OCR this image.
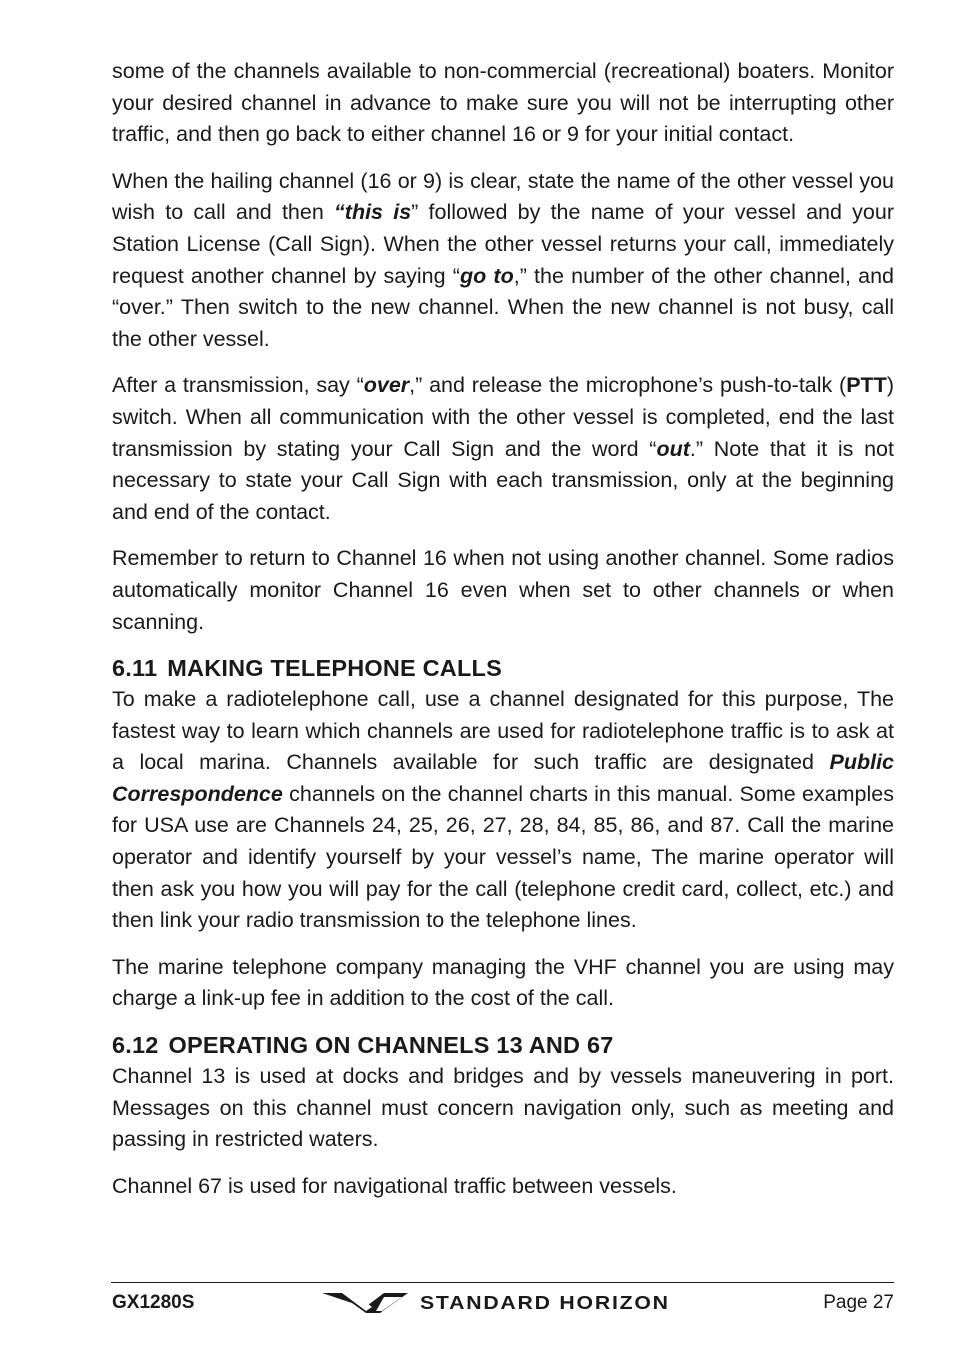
some of the channels available to non-commercial (recreational) boaters. Monitor your desired channel in advance to make sure you will not be interrupting other traffic, and then go back to either channel 16 or 9 for your initial contact.

When the hailing channel (16 or 9) is clear, state the name of the other vessel you wish to call and then “this is” followed by the name of your vessel and your Station License (Call Sign). When the other vessel returns your call, immediately request another channel by saying “go to,” the number of the other channel, and “over.” Then switch to the new channel. When the new channel is not busy, call the other vessel.

After a transmission, say “over,” and release the microphone’s push-to-talk (PTT) switch. When all communication with the other vessel is completed, end the last transmission by stating your Call Sign and the word “out.” Note that it is not necessary to state your Call Sign with each transmission, only at the beginning and end of the contact.

Remember to return to Channel 16 when not using another channel. Some radios automatically monitor Channel 16 even when set to other channels or when scanning.

6.11 MAKING TELEPHONE CALLS

To make a radiotelephone call, use a channel designated for this purpose, The fastest way to learn which channels are used for radiotelephone traffic is to ask at a local marina. Channels available for such traffic are designated Public Correspondence channels on the channel charts in this manual. Some examples for USA use are Channels 24, 25, 26, 27, 28, 84, 85, 86, and 87. Call the marine operator and identify yourself by your vessel’s name, The marine operator will then ask you how you will pay for the call (telephone credit card, collect, etc.) and then link your radio transmission to the telephone lines.

The marine telephone company managing the VHF channel you are using may charge a link-up fee in addition to the cost of the call.

6.12 OPERATING ON CHANNELS 13 AND 67

Channel 13 is used at docks and bridges and by vessels maneuvering in port. Messages on this channel must concern navigation only, such as meeting and passing in restricted waters.

Channel 67 is used for navigational traffic between vessels.

GX1280S	STANDARD HORIZON	Page 27
